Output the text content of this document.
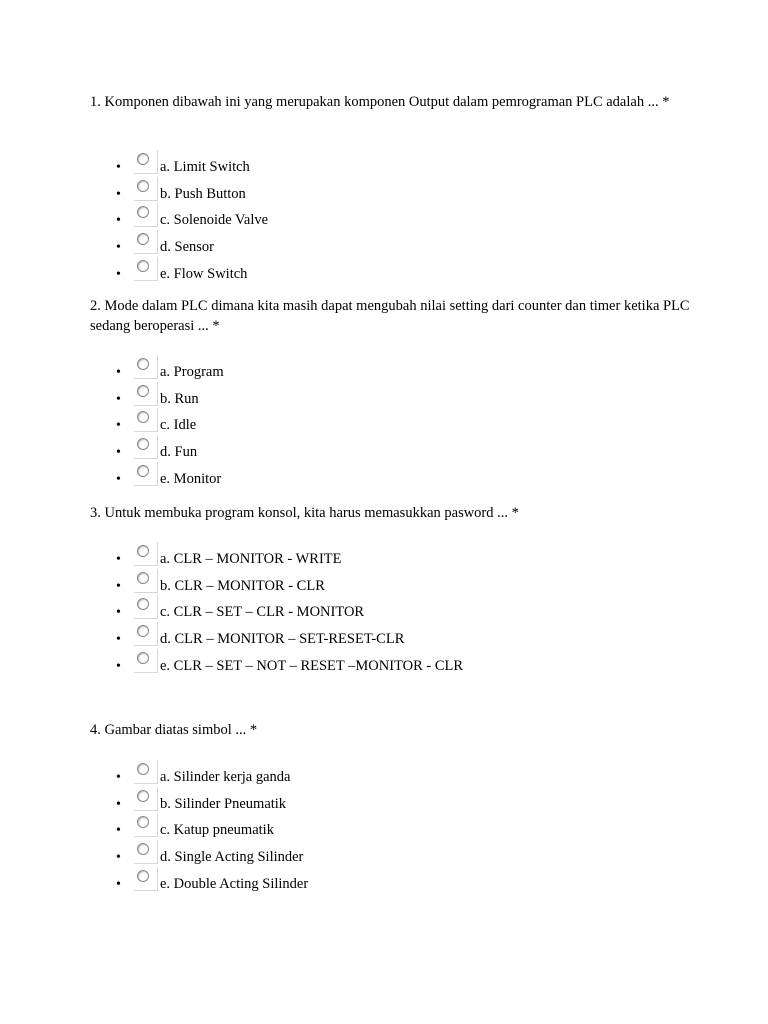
1. Komponen dibawah ini yang merupakan komponen Output dalam pemrograman PLC adalah ... *

•	a. Limit Switch
•	b. Push Button
•	c. Solenoide Valve
•	d. Sensor
•	e. Flow Switch

2. Mode dalam PLC dimana kita masih dapat mengubah nilai setting dari counter dan timer ketika PLC sedang beroperasi ... *

•	a. Program
•	b. Run
•	c. Idle
•	d. Fun
•	e. Monitor

3. Untuk membuka program konsol, kita harus memasukkan pasword ... *

•	a. CLR – MONITOR - WRITE
•	b. CLR – MONITOR - CLR
•	c. CLR – SET – CLR - MONITOR
•	d. CLR – MONITOR – SET-RESET-CLR
•	e. CLR – SET – NOT – RESET –MONITOR - CLR

4. Gambar diatas simbol ... *

•	a. Silinder kerja ganda
•	b. Silinder Pneumatik
•	c. Katup pneumatik
•	d. Single Acting Silinder
•	e. Double Acting Silinder
